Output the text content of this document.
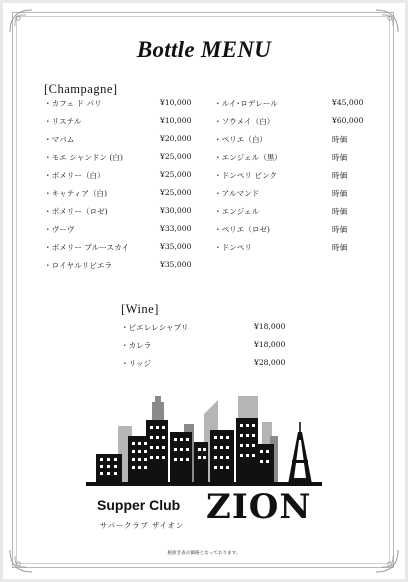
Bottle MENU
[Champagne]
・カフェ ド パリ	¥10,000
・リステル	¥10,000
・マバム	¥20,000
・モエ シャンドン (白)	¥25,000
・ポメリー（白）	¥25,000
・キャティア（白)	¥25,000
・ポメリー（ロゼ)	¥30,000
・ヴーヴ	¥33,000
・ポメリー ブルースカイ	¥35,000
・ロイヤルリビエラ	¥35,000
・ルイ･ロデレール	¥45,000
・ソウメイ（白）	¥60,000
・ペリエ（白）	時価
・エンジェル（黒）	時価
・ドンペリ ピンク	時価
・アルマンド	時価
・エンジェル	時価
・ペリエ（ロゼ)	時価
・ドンペリ	時価
[Wine]
・ピエレレシャブリ	¥18,000
・カレラ	¥18,000
・リッジ	¥28,000
Supper Club ZION
サパークラブ ザイオン
税抜き表示価格となっております。
